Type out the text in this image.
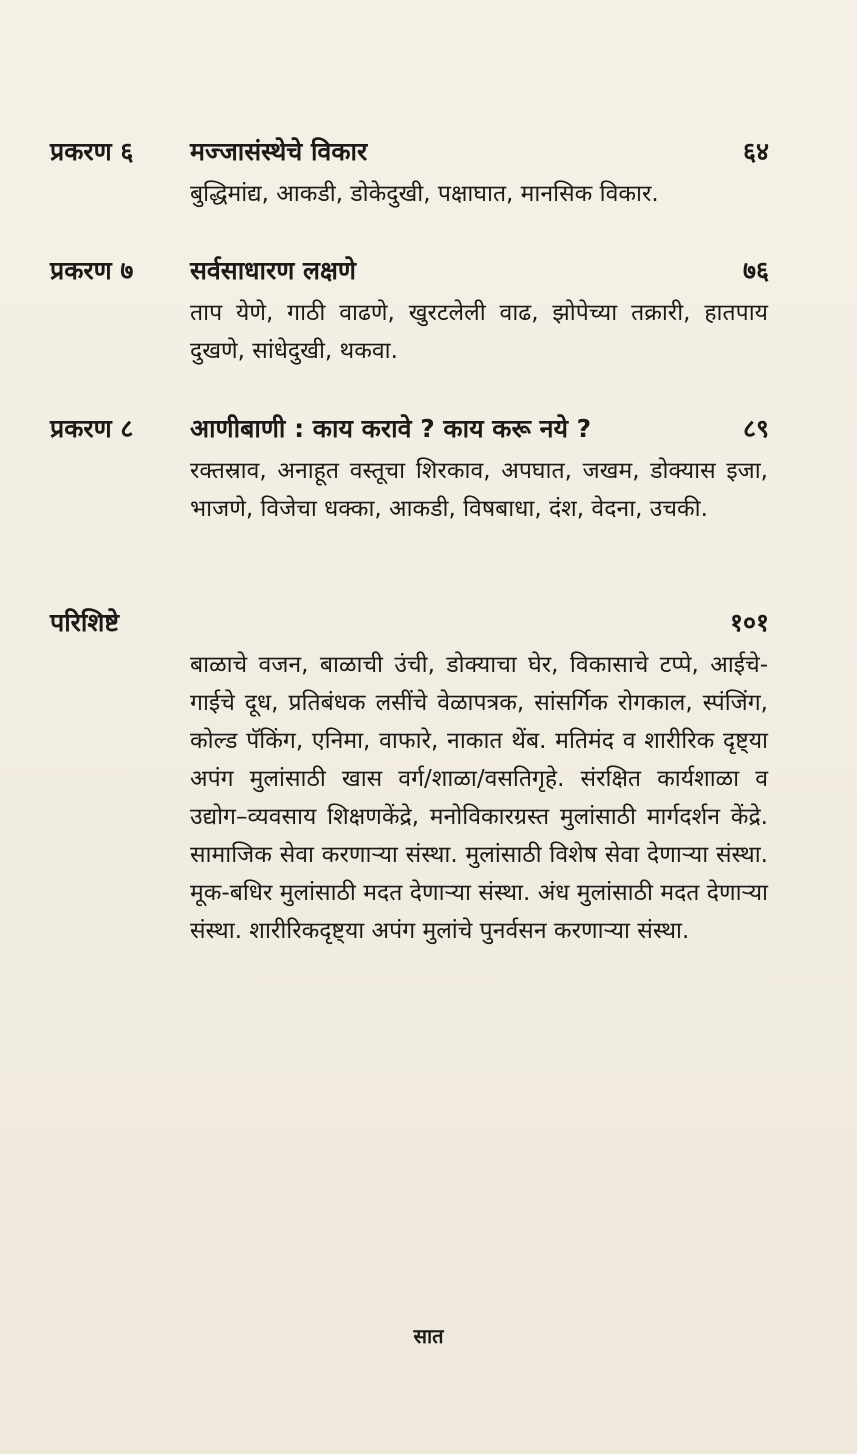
प्रकरण ६ मज्जासंस्थेचे विकार	६४
बुद्धिमांद्य, आकडी, डोकेदुखी, पक्षाघात, मानसिक विकार.
प्रकरण ७ सर्वसाधारण लक्षणे	७६
ताप येणे, गाठी वाढणे, खुरटलेली वाढ, झोपेच्या तक्रारी, हातपाय दुखणे, सांधेदुखी, थकवा.
प्रकरण ८ आणीबाणी : काय करावे ? काय करू नये ?	८९
रक्तस्राव, अनाहूत वस्तूचा शिरकाव, अपघात, जखम, डोक्यास इजा, भाजणे, विजेचा धक्का, आकडी, विषबाधा, दंश, वेदना, उचकी.
परिशिष्टे	१०१
बाळाचे वजन, बाळाची उंची, डोक्याचा घेर, विकासाचे टप्पे, आईचे-गाईचे दूध, प्रतिबंधक लसींचे वेळापत्रक, सांसर्गिक रोगकाल, स्पंजिंग, कोल्ड पॅकिंग, एनिमा, वाफारे, नाकात थेंब. मतिमंद व शारीरिक दृष्ट्या अपंग मुलांसाठी खास वर्ग/शाळा/वसतिगृहे. संरक्षित कार्यशाळा व उद्योग–व्यवसाय शिक्षणकेंद्रे, मनोविकारग्रस्त मुलांसाठी मार्गदर्शन केंद्रे. सामाजिक सेवा करणाऱ्या संस्था. मुलांसाठी विशेष सेवा देणाऱ्या संस्था. मूक-बधिर मुलांसाठी मदत देणाऱ्या संस्था. अंध मुलांसाठी मदत देणाऱ्या संस्था. शारीरिकदृष्ट्या अपंग मुलांचे पुनर्वसन करणाऱ्या संस्था.
सात
